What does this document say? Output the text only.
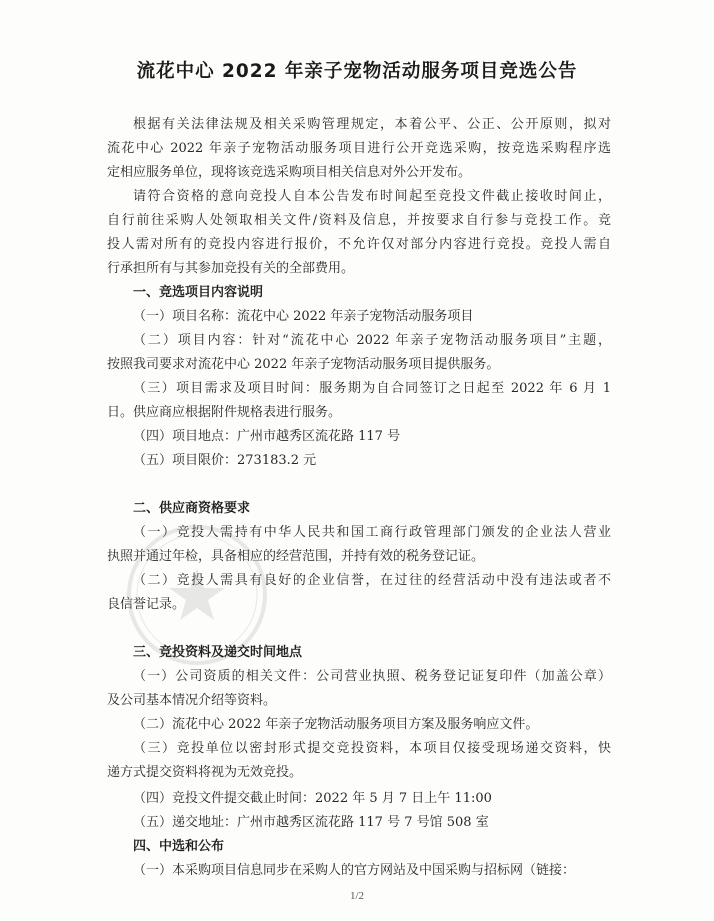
流花中心 2022 年亲子宠物活动服务项目竞选公告
根据有关法律法规及相关采购管理规定，本着公平、公正、公开原则，拟对
流花中心 2022 年亲子宠物活动服务项目进行公开竞选采购，按竞选采购程序选
定相应服务单位，现将该竞选采购项目相关信息对外公开发布。
请符合资格的意向竞投人自本公告发布时间起至竞投文件截止接收时间止，
自行前往采购人处领取相关文件/资料及信息，并按要求自行参与竞投工作。竞
投人需对所有的竞投内容进行报价，不允许仅对部分内容进行竞投。竞投人需自
行承担所有与其参加竞投有关的全部费用。
一、竞选项目内容说明
（一）项目名称：流花中心 2022 年亲子宠物活动服务项目
（二）项目内容：针对“流花中心 2022 年亲子宠物活动服务项目”主题，
按照我司要求对流花中心 2022 年亲子宠物活动服务项目提供服务。
（三）项目需求及项目时间：服务期为自合同签订之日起至 2022 年 6 月 1
日。供应商应根据附件规格表进行服务。
（四）项目地点：广州市越秀区流花路 117 号
（五）项目限价：273183.2 元
二、供应商资格要求
（一）竞投人需持有中华人民共和国工商行政管理部门颁发的企业法人营业
执照并通过年检，具备相应的经营范围，并持有效的税务登记证。
（二）竞投人需具有良好的企业信誉，在过往的经营活动中没有违法或者不
良信誉记录。
三、竞投资料及递交时间地点
（一）公司资质的相关文件：公司营业执照、税务登记证复印件（加盖公章）
及公司基本情况介绍等资料。
（二）流花中心 2022 年亲子宠物活动服务项目方案及服务响应文件。
（三）竞投单位以密封形式提交竞投资料，本项目仅接受现场递交资料，快
递方式提交资料将视为无效竞投。
（四）竞投文件提交截止时间：2022 年 5 月 7 日上午 11:00
（五）递交地址：广州市越秀区流花路 117 号 7 号馆 508 室
四、中选和公布
（一）本采购项目信息同步在采购人的官方网站及中国采购与招标网（链接：
1/2
